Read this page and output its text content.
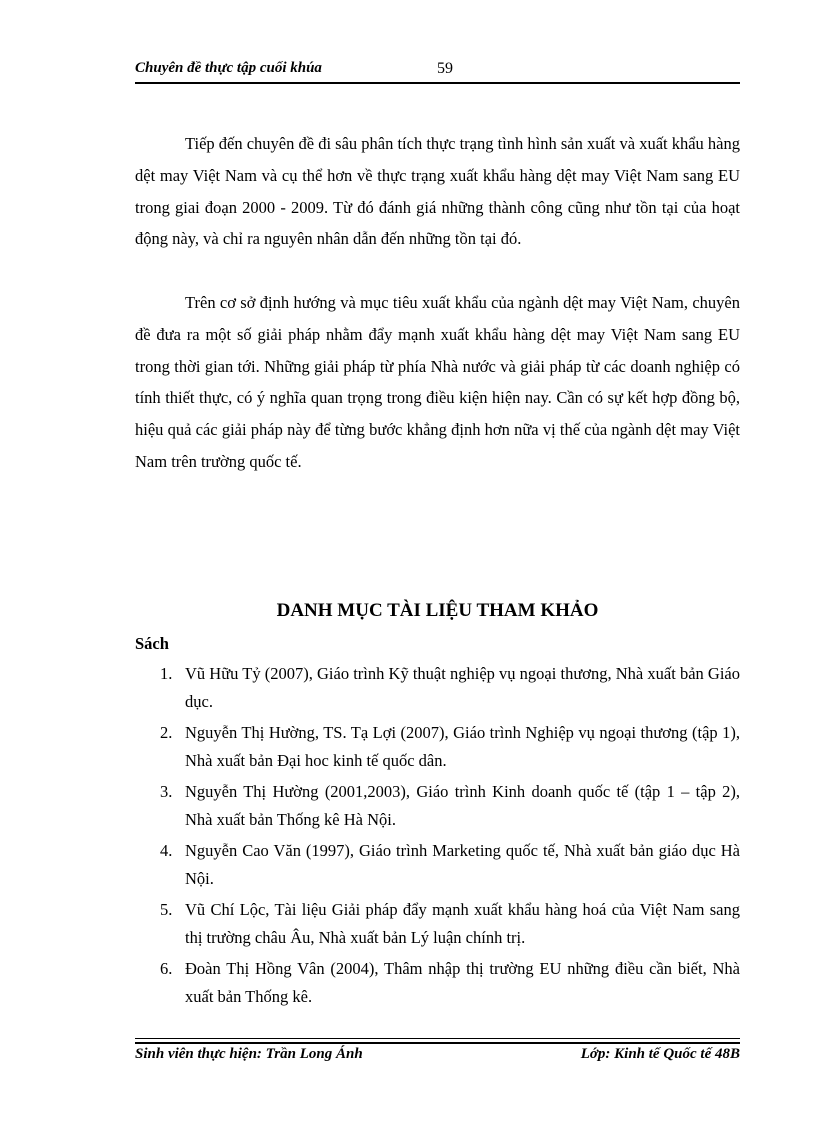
Chuyên đề thực tập cuối khúa	59

Tiếp đến chuyên đề đi sâu phân tích thực trạng tình hình sản xuất và xuất khẩu hàng dệt may Việt Nam và cụ thể hơn về thực trạng xuất khẩu hàng dệt may Việt Nam sang EU trong giai đoạn 2000 - 2009. Từ đó đánh giá những thành công cũng như tồn tại của hoạt động này, và chỉ ra nguyên nhân dẫn đến những tồn tại đó.

Trên cơ sở định hướng và mục tiêu xuất khẩu của ngành dệt may Việt Nam, chuyên đề đưa ra một số giải pháp nhằm đẩy mạnh xuất khẩu hàng dệt may Việt Nam sang EU trong thời gian tới. Những giải pháp từ phía Nhà nước và giải pháp từ các doanh nghiệp có tính thiết thực, có ý nghĩa quan trọng trong điều kiện hiện nay. Cần có sự kết hợp đồng bộ, hiệu quả các giải pháp này để từng bước khẳng định hơn nữa vị thế của ngành dệt may Việt Nam trên trường quốc tế.

DANH MỤC TÀI LIỆU THAM KHẢO

Sách

1. Vũ Hữu Tỷ (2007), Giáo trình Kỹ thuật nghiệp vụ ngoại thương, Nhà xuất bản Giáo dục.
2. Nguyễn Thị Hường, TS. Tạ Lợi (2007), Giáo trình Nghiệp vụ ngoại thương (tập 1), Nhà xuất bản Đại hoc kinh tế quốc dân.
3. Nguyễn Thị Hường (2001,2003), Giáo trình Kinh doanh quốc tế (tập 1 – tập 2), Nhà xuất bản Thống kê Hà Nội.
4. Nguyễn Cao Văn (1997), Giáo trình Marketing quốc tế, Nhà xuất bản giáo dục Hà Nội.
5. Vũ Chí Lộc, Tài liệu Giải pháp đẩy mạnh xuất khẩu hàng hoá của Việt Nam sang thị trường châu Âu, Nhà xuất bản Lý luận chính trị.
6. Đoàn Thị Hồng Vân (2004), Thâm nhập thị trường EU những điều cần biết, Nhà xuất bản Thống kê.
Sinh viên thực hiện: Trần Long Ánh	Lớp: Kinh tế Quốc tế 48B
